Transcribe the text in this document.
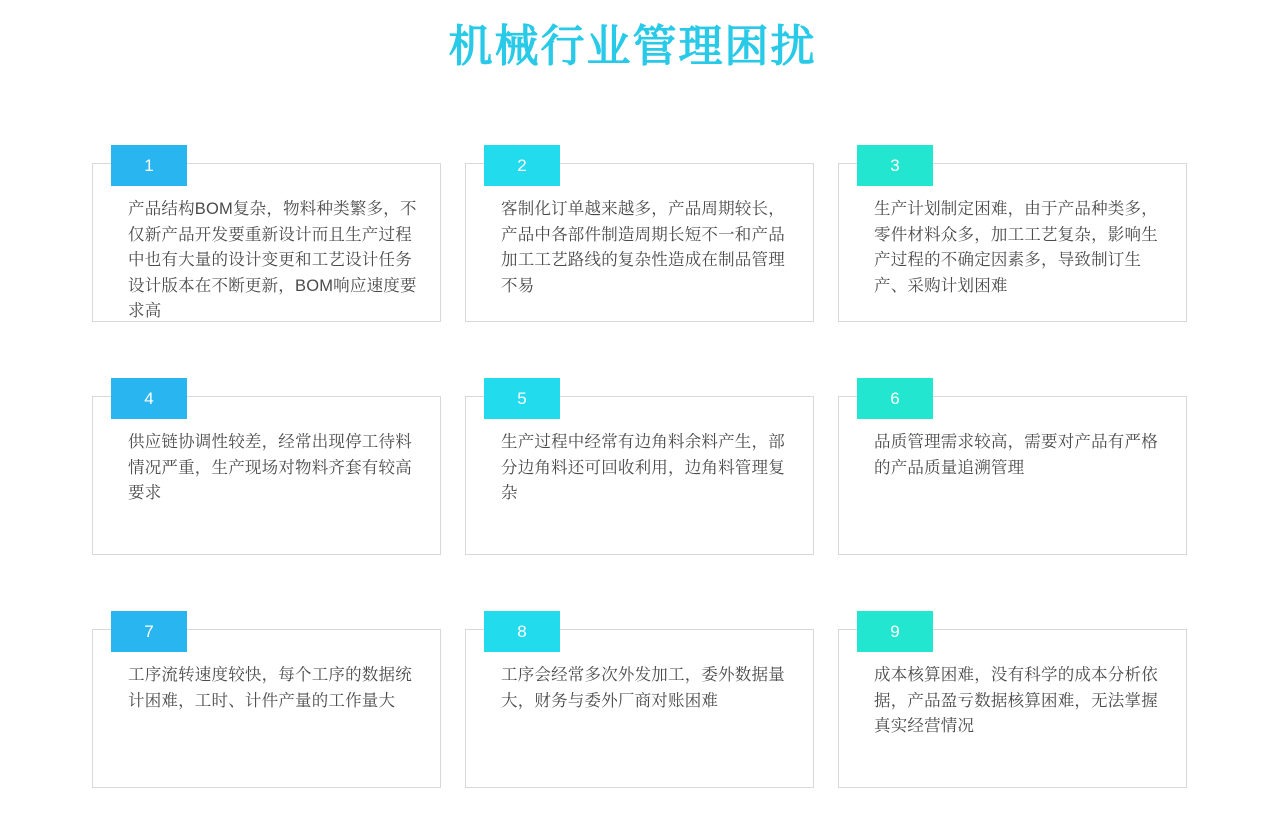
机械行业管理困扰
1
产品结构BOM复杂，物料种类繁多，不仅新产品开发要重新设计而且生产过程中也有大量的设计变更和工艺设计任务设计版本在不断更新，BOM响应速度要求高
2
客制化订单越来越多，产品周期较长，产品中各部件制造周期长短不一和产品加工工艺路线的复杂性造成在制品管理不易
3
生产计划制定困难，由于产品种类多，零件材料众多，加工工艺复杂，影响生产过程的不确定因素多，导致制订生产、采购计划困难
4
供应链协调性较差，经常出现停工待料情况严重，生产现场对物料齐套有较高要求
5
生产过程中经常有边角料余料产生，部分边角料还可回收利用，边角料管理复杂
6
品质管理需求较高，需要对产品有严格的产品质量追溯管理
7
工序流转速度较快，每个工序的数据统计困难，工时、计件产量的工作量大
8
工序会经常多次外发加工，委外数据量大，财务与委外厂商对账困难
9
成本核算困难，没有科学的成本分析依据，产品盈亏数据核算困难，无法掌握真实经营情况
